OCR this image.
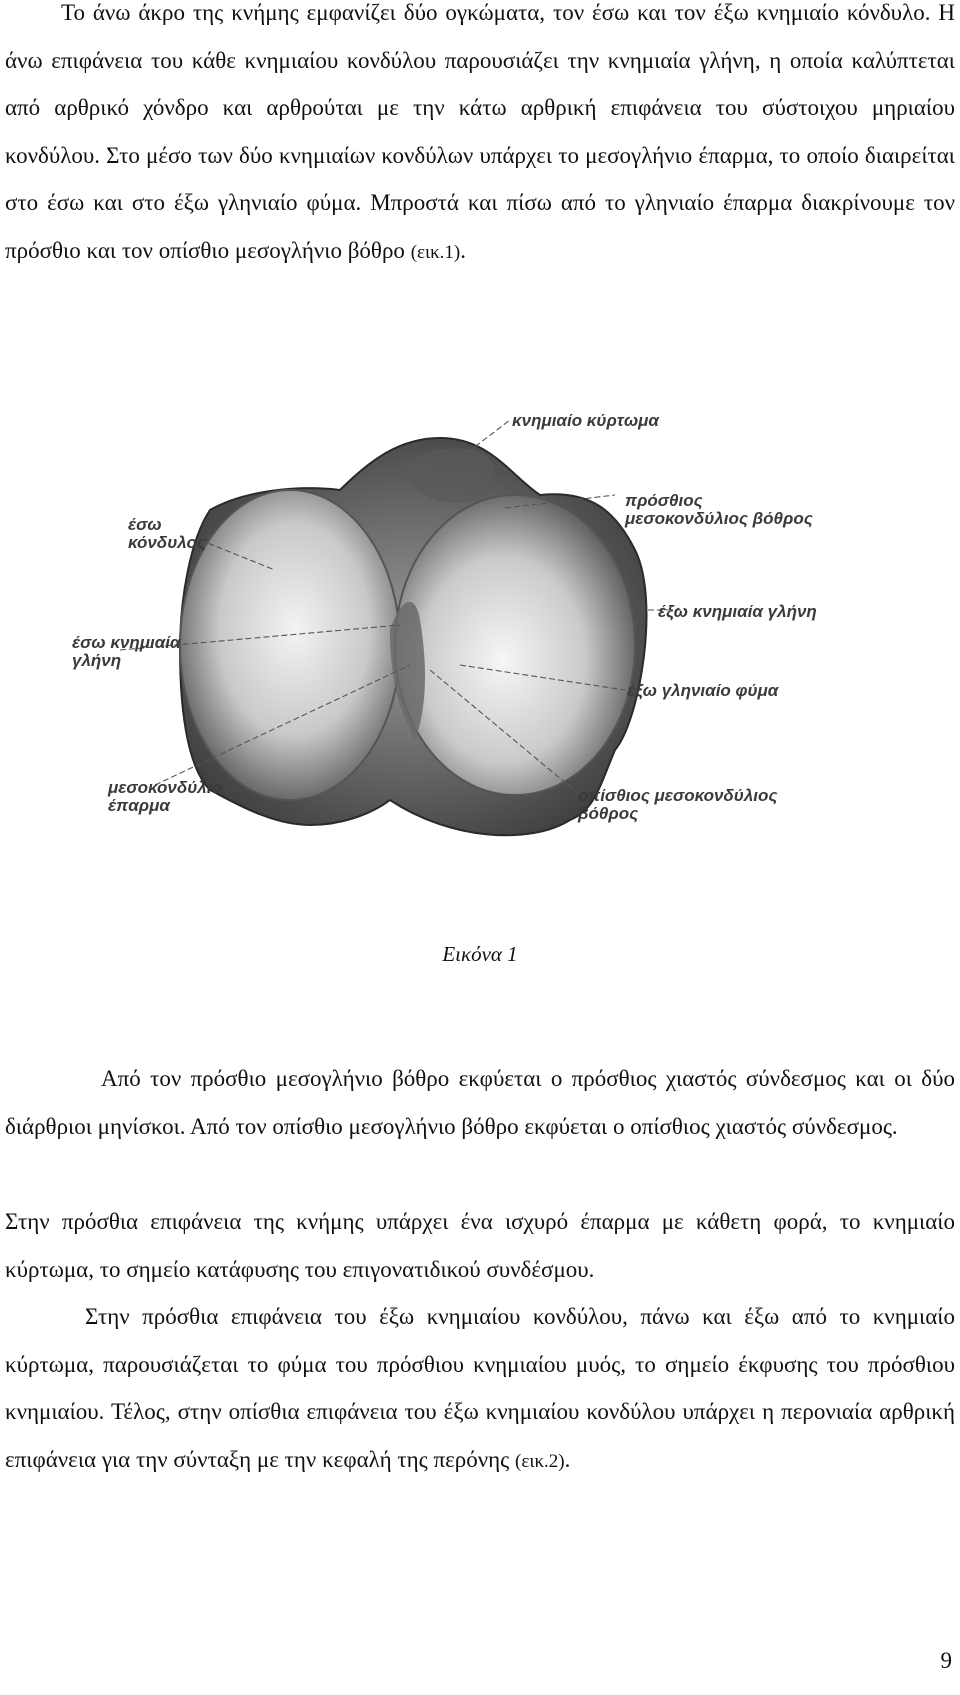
Το άνω άκρο της κνήμης εμφανίζει δύο ογκώματα, τον έσω και τον έξω κνημιαίο κόνδυλο. Η άνω επιφάνεια του κάθε κνημιαίου κονδύλου παρουσιάζει την κνημιαία γλήνη, η οποία καλύπτεται από αρθρικό χόνδρο και αρθρούται με την κάτω αρθρική επιφάνεια του σύστοιχου μηριαίου κονδύλου. Στο μέσο των δύο κνημιαίων κονδύλων υπάρχει το μεσογλήνιο έπαρμα, το οποίο διαιρείται στο έσω και στο έξω γληνιαίο φύμα. Μπροστά και πίσω από το γληνιαίο έπαρμα διακρίνουμε τον πρόσθιο και τον οπίσθιο μεσογλήνιο βόθρο (εικ.1).

κνημιαίο κύρτωμα
πρόσθιος
μεσοκονδύλιος βόθρος
έσω
κόνδυλος
έξω κνημιαία γλήνη
έσω κνημιαία
γλήνη
έξω γληνιαίο φύμα
μεσοκονδύλιο
έπαρμα
οπίσθιος μεσοκονδύλιος
βόθρος

Εικόνα 1

Από τον πρόσθιο μεσογλήνιο βόθρο εκφύεται ο πρόσθιος χιαστός σύνδεσμος και οι δύο διάρθριοι μηνίσκοι. Από τον οπίσθιο μεσογλήνιο βόθρο εκφύεται ο οπίσθιος χιαστός σύνδεσμος.

Στην πρόσθια επιφάνεια της κνήμης υπάρχει ένα ισχυρό έπαρμα με κάθετη φορά, το κνημιαίο κύρτωμα, το σημείο κατάφυσης του επιγονατιδικού συνδέσμου.

Στην πρόσθια επιφάνεια του έξω κνημιαίου κονδύλου, πάνω και έξω από το κνημιαίο κύρτωμα, παρουσιάζεται το φύμα του πρόσθιου κνημιαίου μυός, το σημείο έκφυσης του πρόσθιου κνημιαίου. Τέλος, στην οπίσθια επιφάνεια του έξω κνημιαίου κονδύλου υπάρχει η περονιαία αρθρική επιφάνεια για την σύνταξη με την κεφαλή της περόνης (εικ.2).

9
